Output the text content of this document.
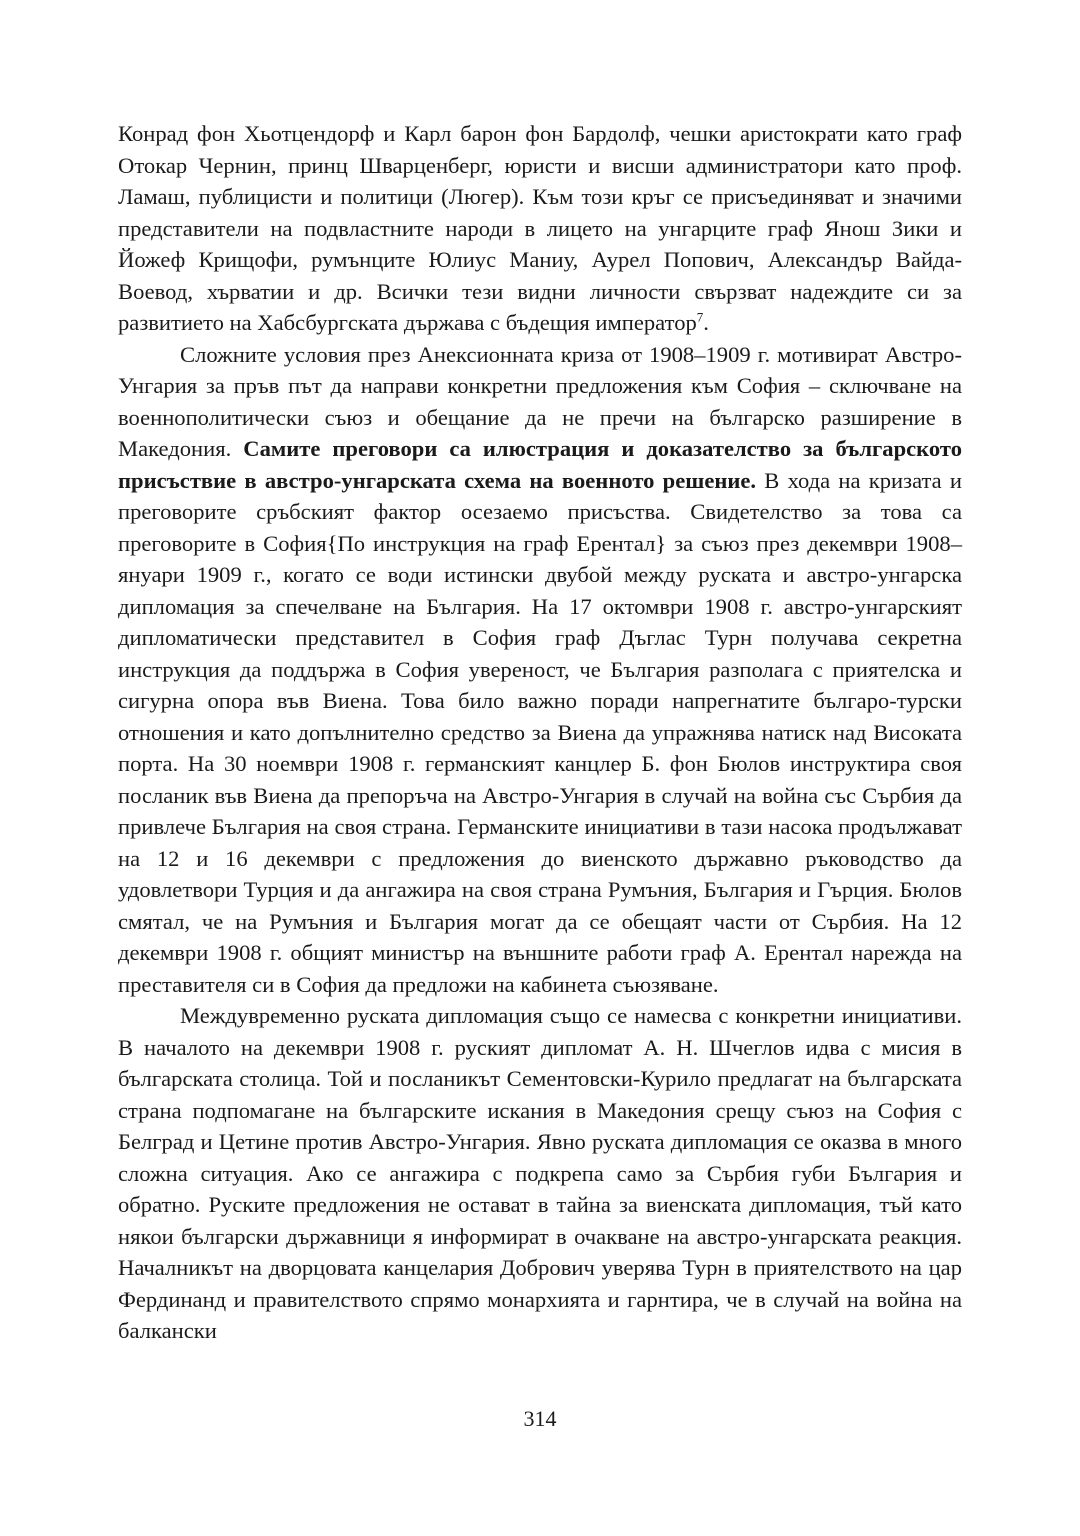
Конрад фон Хьотцендорф и Карл барон фон Бардолф, чешки аристократи като граф Отокар Чернин, принц Шварценберг, юристи и висши администратори като проф. Ламаш, публицисти и политици (Люгер). Към този кръг се присъединяват и значими представители на подвластните народи в лицето на унгарците граф Янош Зики и Йожеф Крищофи, румънците Юлиус Маниу, Аурел Попович, Александър Вайда-Воевод, хърватии и др. Всички тези видни личности свързват надеждите си за развитието на Хабсбургската държава с бъдещия император$^7$.

Сложните условия през Анексионната криза от 1908–1909 г. мотивират Австро-Унгария за пръв път да направи конкретни предложения към София – сключване на военнополитически съюз и обещание да не пречи на българско разширение в Македония. Самите преговори са илюстрация и доказателство за българското присъствие в австро-унгарската схема на военното решение. В хода на кризата и преговорите сръбският фактор осезаемо присъства. Свидетелство за това са преговорите в София{По инструкция на граф Ерентал} за съюз през декември 1908–януари 1909 г., когато се води истински двубой между руската и австро-унгарска дипломация за спечелване на България. На 17 октомври 1908 г. австро-унгарският дипломатически представител в София граф Дъглас Турн получава секретна инструкция да поддържа в София увереност, че България разполага с приятелска и сигурна опора във Виена. Това било важно поради напрегнатите българо-турски отношения и като допълнително средство за Виена да упражнява натиск над Високата порта. На 30 ноември 1908 г. германският канцлер Б. фон Бюлов инструктира своя посланик във Виена да препоръча на Австро-Унгария в случай на война със Сърбия да привлече България на своя страна. Германските инициативи в тази насока продължават на 12 и 16 декември с предложения до виенското държавно ръководство да удовлетвори Турция и да ангажира на своя страна Румъния, България и Гърция. Бюлов смятал, че на Румъния и България могат да се обещаят части от Сърбия. На 12 декември 1908 г. общият министър на външните работи граф А. Ерентал нарежда на преставителя си в София да предложи на кабинета съюзяване.

Междувременно руската дипломация също се намесва с конкретни инициативи. В началото на декември 1908 г. руският дипломат А. Н. Шчеглов идва с мисия в българската столица. Той и посланикът Сементовски-Курило предлагат на българската страна подпомагане на българските искания в Македония срещу съюз на София с Белград и Цетине против Австро-Унгария. Явно руската дипломация се оказва в много сложна ситуация. Ако се ангажира с подкрепа само за Сърбия губи България и обратно. Руските предложения не остават в тайна за виенската дипломация, тъй като някои български държавници я информират в очакване на австро-унгарската реакция. Началникът на дворцовата канцелария Добрович уверява Турн в приятелството на цар Фердинанд и правителството спрямо монархията и гарнтира, че в случай на война на балкански

314
